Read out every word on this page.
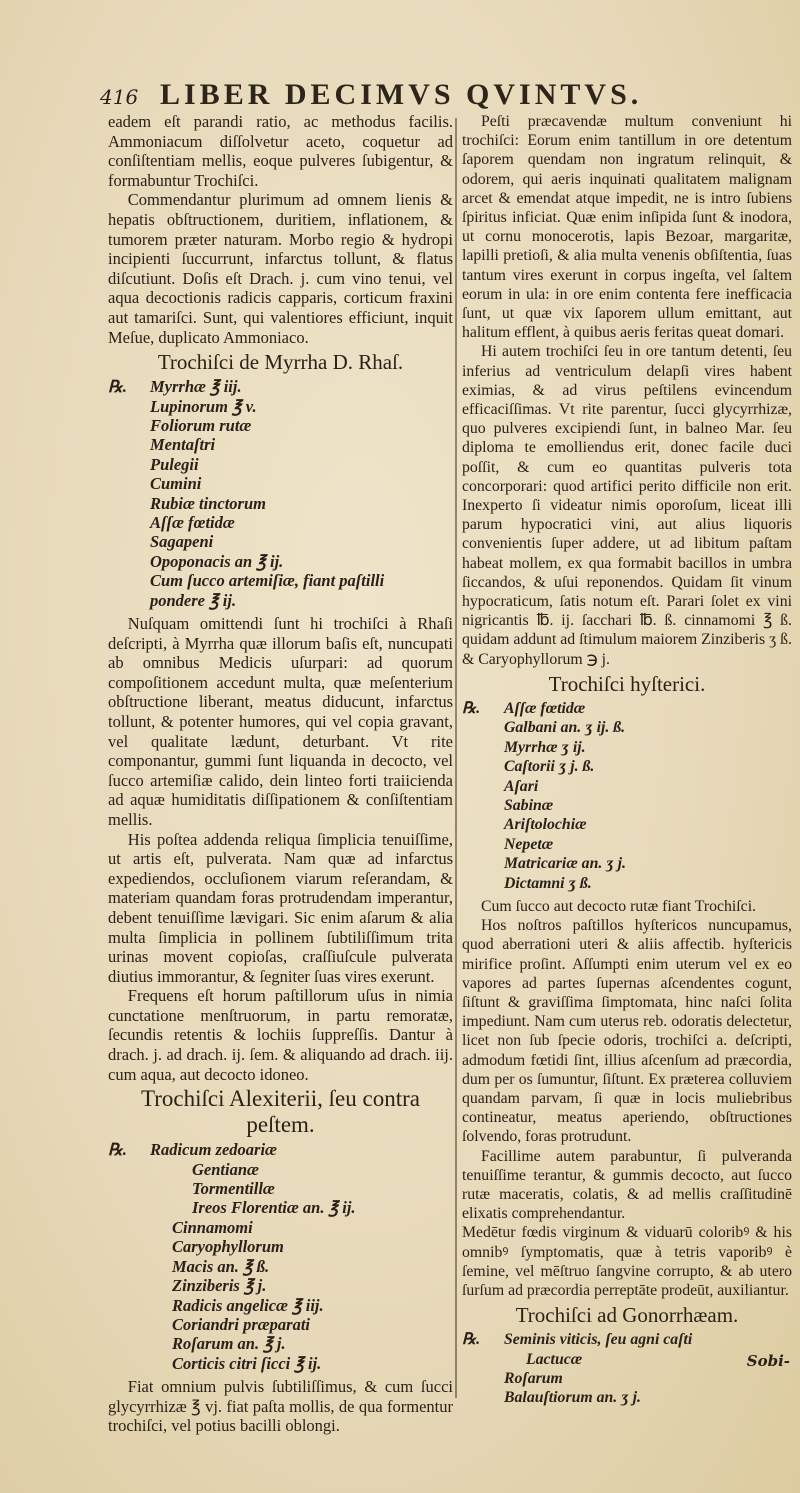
416 LIBER DECIMVS QVINTVS.

eadem eſt parandi ratio, ac methodus facilis. Ammoniacum diſſolvetur aceto, coquetur ad conſiſtentiam mellis, eoque pulveres ſubigentur, & formabuntur Trochiſci.

Commendantur plurimum ad omnem lienis & hepatis obſtructionem, duritiem, inflationem, & tumorem præter naturam. Morbo regio & hydropi incipienti ſuccurrunt, infarctus tollunt, & flatus diſcutiunt. Doſis eſt Drach. j. cum vino tenui, vel aqua decoctionis radicis capparis, corticum fraxini aut tamariſci. Sunt, qui valentiores efficiunt, inquit Meſue, duplicato Ammoniaco.

Trochiſci de Myrrha D. Rhaſ.
℞. Myrrhæ ℥ iij.
Lupinorum ℥ v.
Foliorum rutæ
Mentaſtri
Pulegii
Cumini
Rubiæ tinctorum
Aſſæ fœtidæ
Sagapeni
Opoponacis an ℥ ij.
Cum ſucco artemiſiæ, fiant paſtilli
pondere ℥ ij.

Nuſquam omittendi ſunt hi trochiſci à Rhaſi deſcripti, à Myrrha quæ illorum baſis eſt, nuncupati ab omnibus Medicis uſurpari: ad quorum compoſitionem accedunt multa, quæ meſenterium obſtructione liberant, meatus diducunt, infarctus tollunt, & potenter humores, qui vel copia gravant, vel qualitate lædunt, deturbant. Vt rite componantur, gummi ſunt liquanda in decocto, vel ſucco artemiſiæ calido, dein linteo forti traiicienda ad aquæ humiditatis diſſipationem & conſiſtentiam mellis.

His poſtea addenda reliqua ſimplicia tenuiſſime, ut artis eſt, pulverata. Nam quæ ad infarctus expediendos, occluſionem viarum reſerandam, & materiam quandam foras protrudendam imperantur, debent tenuiſſime lævigari. Sic enim aſarum & alia multa ſimplicia in pollinem ſubtiliſſimum trita urinas movent copioſas, craſſiuſcule pulverata diutius immorantur, & ſegniter ſuas vires exerunt.

Frequens eſt horum paſtillorum uſus in nimia cunctatione menſtruorum, in partu remoratæ, ſecundis retentis & lochiis ſuppreſſis. Dantur à drach. j. ad drach. ij. ſem. & aliquando ad drach. iij. cum aqua, aut decocto idoneo.

Trochiſci Alexiterii, ſeu contra peſtem.
℞. Radicum zedoariæ
Gentianæ
Tormentillæ
Ireos Florentiæ an. ℥ ij.
Cinnamomi
Caryophyllorum
Macis an. ℥ ß.
Zinziberis ℥ j.
Radicis angelicæ ℥ iij.
Coriandri præparati
Roſarum an. ℥ j.
Corticis citri ſicci ℥ ij.

Fiat omnium pulvis ſubtiliſſimus, & cum ſucci glycyrrhizæ ℥ vj. fiat paſta mollis, de qua formentur trochiſci, vel potius bacilli oblongi.

Peſti præcavendæ multum conveniunt hi trochiſci: Eorum enim tantillum in ore detentum ſaporem quendam non ingratum relinquit, & odorem, qui aeris inquinati qualitatem malignam arcet & emendat atque impedit, ne is intro ſubiens ſpiritus inficiat. Quæ enim inſipida ſunt & inodora, ut cornu monocerotis, lapis Bezoar, margaritæ, lapilli pretioſi, & alia multa venenis obſiſtentia, ſuas tantum vires exerunt in corpus ingeſta, vel ſaltem eorum in ula: in ore enim contenta fere inefficacia ſunt, ut quæ vix ſaporem ullum emittant, aut halitum efflent, à quibus aeris feritas queat domari.

Hi autem trochiſci ſeu in ore tantum detenti, ſeu inferius ad ventriculum delapſi vires habent eximias, & ad virus peſtilens evincendum efficaciſſimas. Vt rite parentur, ſucci glycyrrhizæ, quo pulveres excipiendi ſunt, in balneo Mar. ſeu diploma te emolliendus erit, donec facile duci poſſit, & cum eo quantitas pulveris tota concorporari: quod artifici perito difficile non erit. Inexperto ſi videatur nimis oporoſum, liceat illi parum hypocratici vini, aut alius liquoris convenientis ſuper addere, ut ad libitum paſtam habeat mollem, ex qua formabit bacillos in umbra ſiccandos, & uſui reponendos. Quidam ſit vinum hypocraticum, ſatis notum eſt. Parari ſolet ex vini nigricantis ℔. ij. ſacchari ℔. ß. cinnamomi ℥ ß. quidam addunt ad ſtimulum maiorem Zinziberis ʒ ß. & Caryophyllorum ℈ j.

Trochiſci hyſterici.
℞. Aſſæ fœtidæ
Galbani an. ʒ ij. ß.
Myrrhæ ʒ ij.
Caſtorii ʒ j. ß.
Aſari
Sabinæ
Ariſtolochiæ
Nepetæ
Matricariæ an. ʒ j.
Dictamni ʒ ß.

Cum ſucco aut decocto rutæ fiant Trochiſci.

Hos noſtros paſtillos hyſtericos nuncupamus, quod aberrationi uteri & aliis affectib. hyſtericis mirifice proſint. Aſſumpti enim uterum vel ex eo vapores ad partes ſupernas aſcendentes cogunt, ſiſtunt & graviſſima ſimptomata, hinc naſci ſolita impediunt. Nam cum uterus reb. odoratis delectetur, licet non ſub ſpecie odoris, trochiſci a. deſcripti, admodum fœtidi ſint, illius aſcenſum ad præcordia, dum per os ſumuntur, ſiſtunt. Ex præterea colluviem quandam parvam, ſi quæ in locis muliebribus contineatur, meatus aperiendo, obſtructiones ſolvendo, foras protrudunt.

Facillime autem parabuntur, ſi pulveranda tenuiſſime terantur, & gummis decocto, aut ſucco rutæ maceratis, colatis, & ad mellis craſſitudinē elixatis comprehendantur.

Medētur fœdis virginum & viduarū coloribꝰ & his omnibꝰ ſymptomatis, quæ à tetris vaporibꝰ è ſemine, vel mēſtruo ſangvine corrupto, & ab utero ſurſum ad præcordia perreptāte prodeūt, auxiliantur.

Trochiſci ad Gonorrhæam.
℞. Seminis viticis, ſeu agni caſti
Lactucæ
Roſarum
Balauſtiorum an. ʒ j.
Sobi-
